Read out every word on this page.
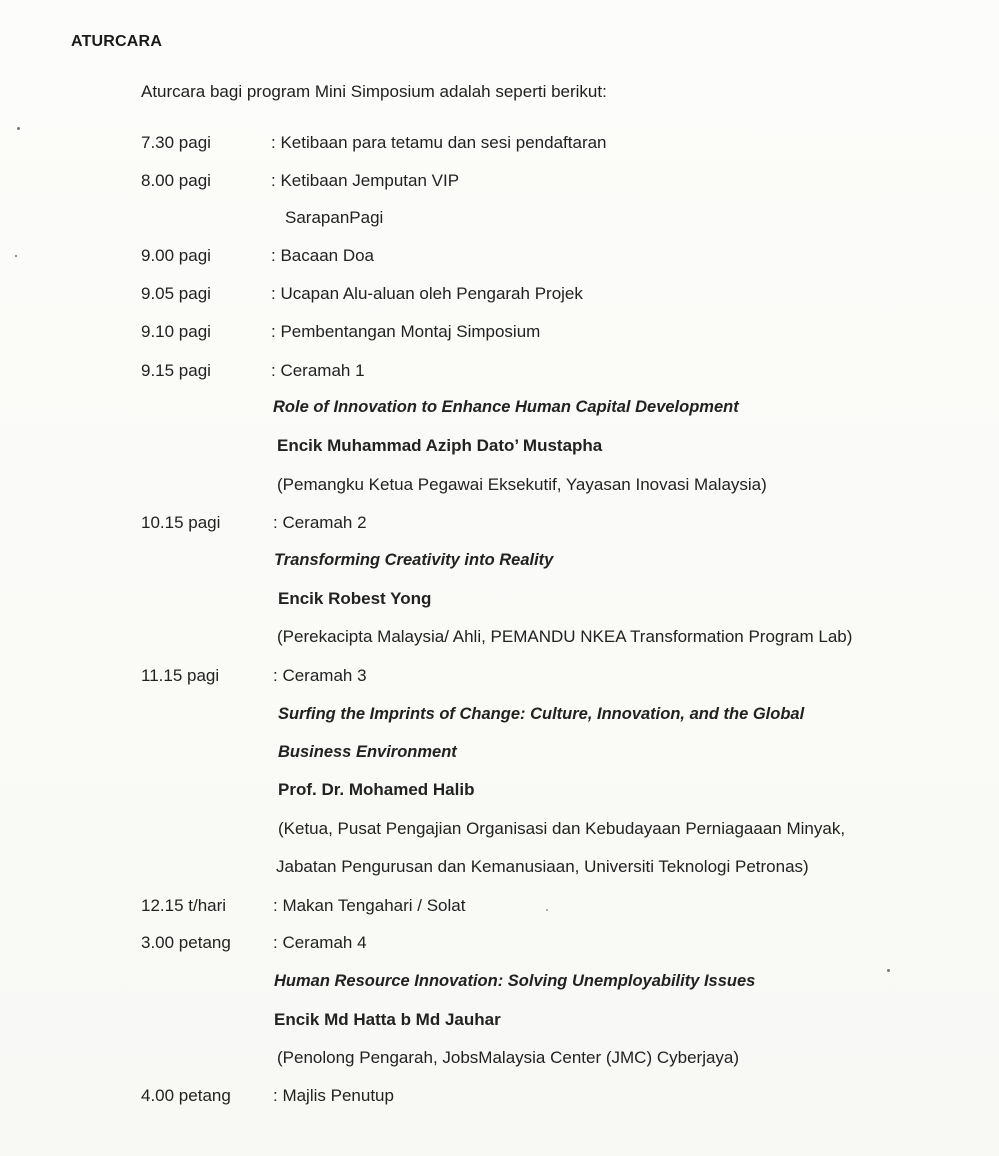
ATURCARA
Aturcara bagi program Mini Simposium adalah seperti berikut:
7.30 pagi	: Ketibaan para tetamu dan sesi pendaftaran
8.00 pagi	: Ketibaan Jemputan VIP
SarapanPagi
9.00 pagi	: Bacaan Doa
9.05 pagi	: Ucapan Alu-aluan oleh Pengarah Projek
9.10 pagi	: Pembentangan Montaj Simposium
9.15 pagi	: Ceramah 1
Role of Innovation to Enhance Human Capital Development
Encik Muhammad Aziph Dato’ Mustapha
(Pemangku Ketua Pegawai Eksekutif, Yayasan Inovasi Malaysia)
10.15 pagi	: Ceramah 2
Transforming Creativity into Reality
Encik Robest Yong
(Perekacipta Malaysia/ Ahli, PEMANDU NKEA Transformation Program Lab)
11.15 pagi	: Ceramah 3
Surfing the Imprints of Change: Culture, Innovation, and the Global
Business Environment
Prof. Dr. Mohamed Halib
(Ketua, Pusat Pengajian Organisasi dan Kebudayaan Perniagaaan Minyak,
Jabatan Pengurusan dan Kemanusiaan, Universiti Teknologi Petronas)
12.15 t/hari	: Makan Tengahari / Solat
3.00 petang : Ceramah 4
Human Resource Innovation: Solving Unemployability Issues
Encik Md Hatta b Md Jauhar
(Penolong Pengarah, JobsMalaysia Center (JMC) Cyberjaya)
4.00 petang : Majlis Penutup
